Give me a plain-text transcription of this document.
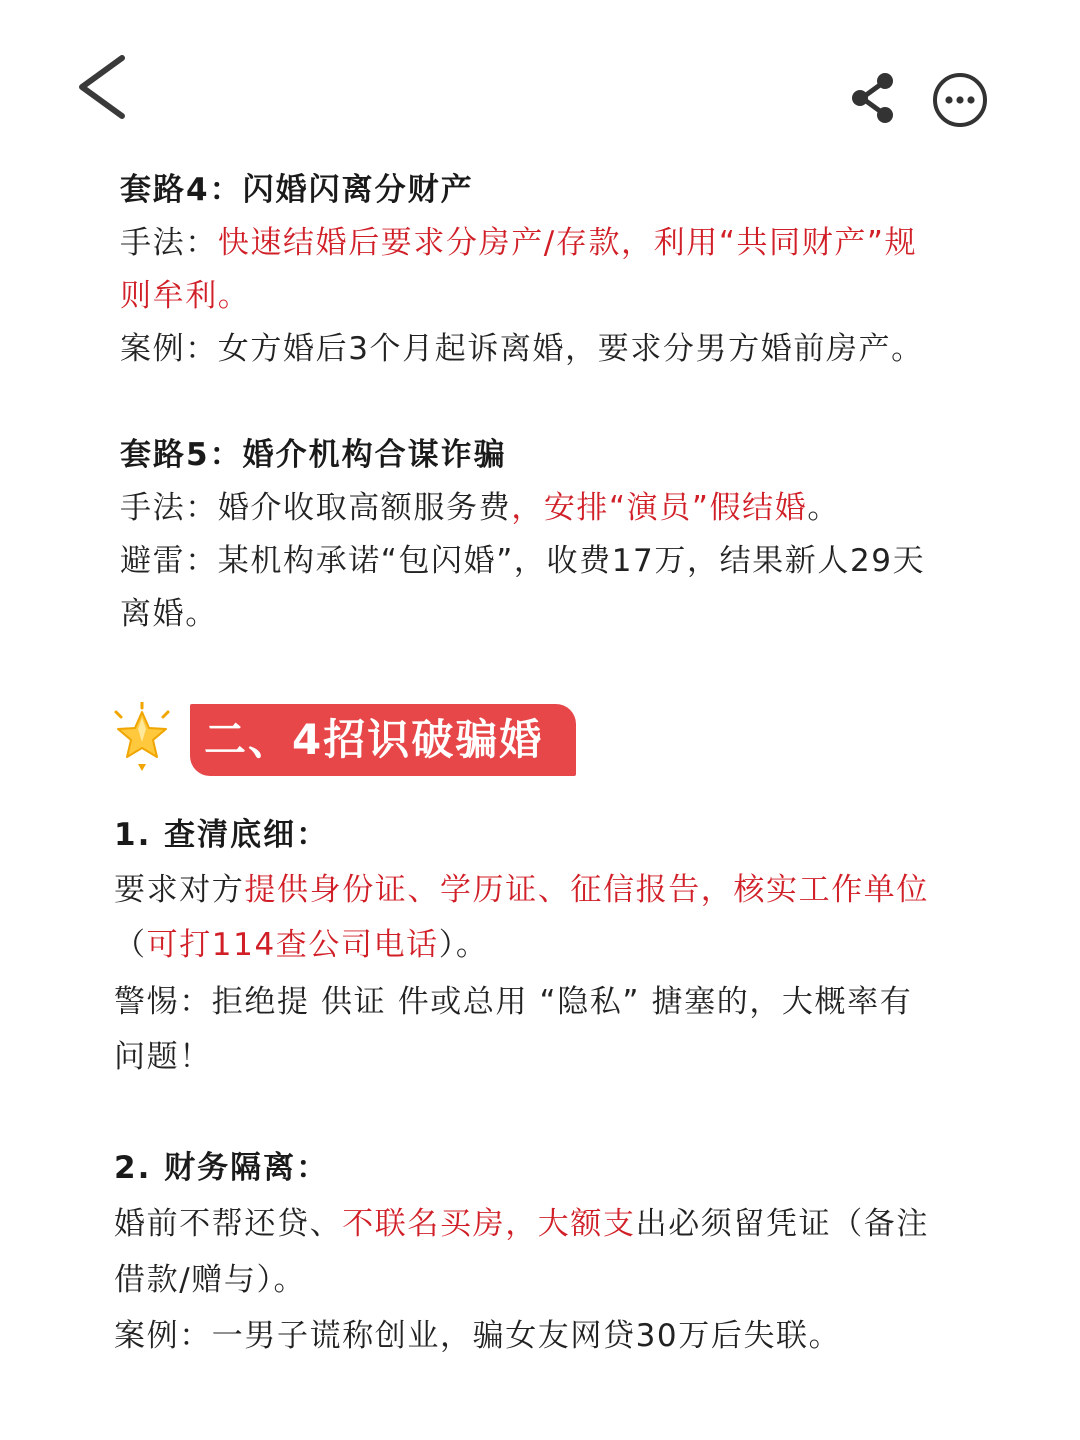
套路4：闪婚闪离分财产
手法：快速结婚后要求分房产/存款，利用“共同财产”规
则牟利。
案例：女方婚后3个月起诉离婚，要求分男方婚前房产。
套路5：婚介机构合谋诈骗
手法：婚介收取高额服务费，安排“演员”假结婚。
避雷：某机构承诺“包闪婚”，收费17万，结果新人29天
离婚。
二、4招识破骗婚
1. 查清底细：
要求对方提供身份证、学历证、征信报告，核实工作单位
（可打114查公司电话）。
警惕：拒绝提 供证 件或总用 “隐私” 搪塞的，大概率有
问题！
2. 财务隔离：
婚前不帮还贷、不联名买房，大额支出必须留凭证（备注
借款/赠与）。
案例：一男子谎称创业，骗女友网贷30万后失联。
